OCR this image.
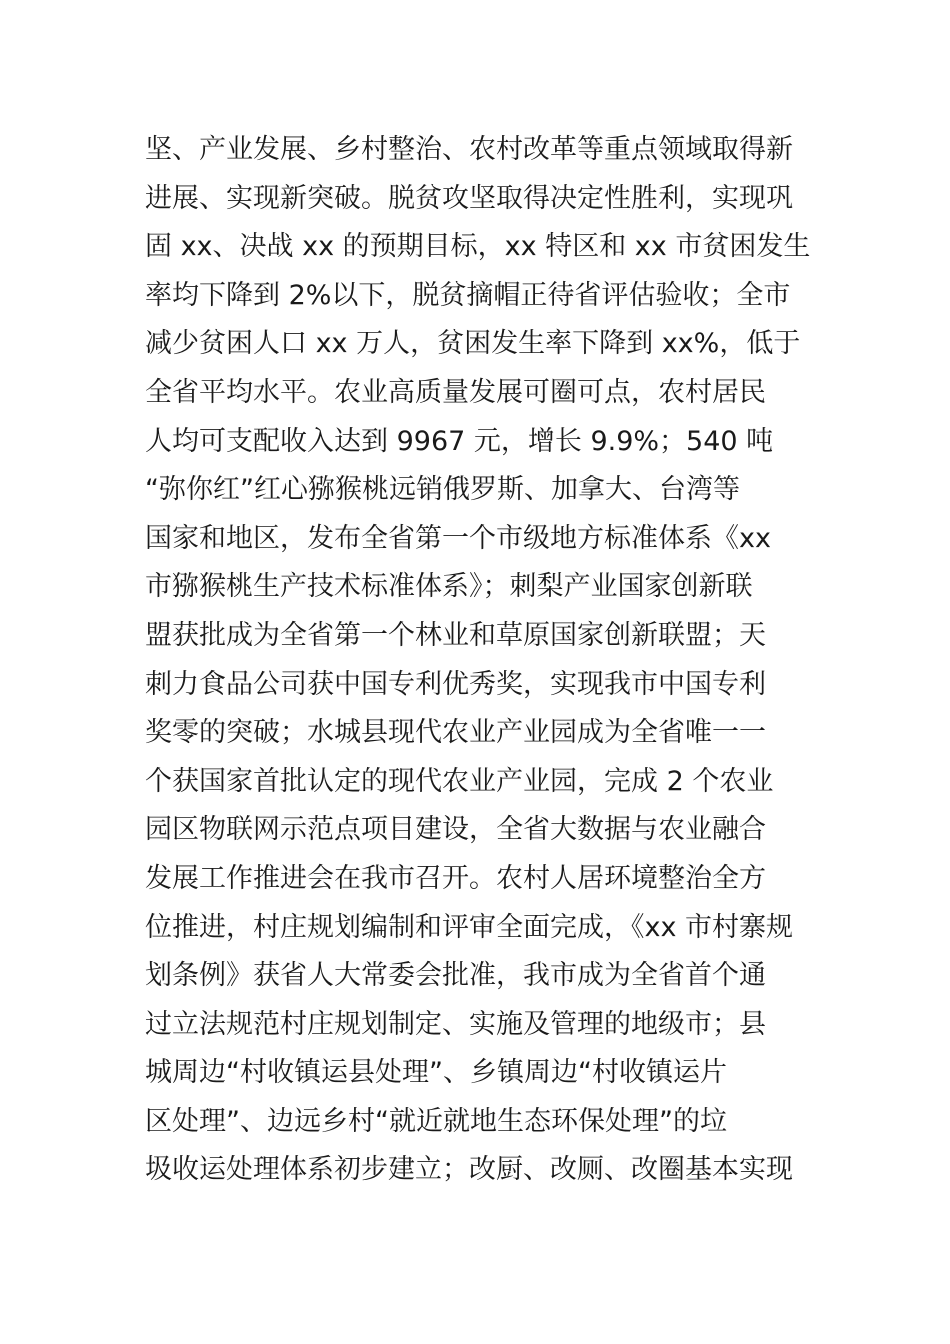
坚、产业发展、乡村整治、农村改革等重点领域取得新
进展、实现新突破。脱贫攻坚取得决定性胜利，实现巩
固 xx、决战 xx 的预期目标，xx 特区和 xx 市贫困发生
率均下降到 2%以下，脱贫摘帽正待省评估验收；全市
减少贫困人口 xx 万人，贫困发生率下降到 xx%，低于
全省平均水平。农业高质量发展可圈可点，农村居民
人均可支配收入达到 9967 元，增长 9.9%；540 吨
“弥你红”红心猕猴桃远销俄罗斯、加拿大、台湾等
国家和地区，发布全省第一个市级地方标准体系《xx
市猕猴桃生产技术标准体系》；刺梨产业国家创新联
盟获批成为全省第一个林业和草原国家创新联盟；天
刺力食品公司获中国专利优秀奖，实现我市中国专利
奖零的突破；水城县现代农业产业园成为全省唯一一
个获国家首批认定的现代农业产业园，完成 2 个农业
园区物联网示范点项目建设，全省大数据与农业融合
发展工作推进会在我市召开。农村人居环境整治全方
位推进，村庄规划编制和评审全面完成，《xx 市村寨规
划条例》获省人大常委会批准，我市成为全省首个通
过立法规范村庄规划制定、实施及管理的地级市；县
城周边“村收镇运县处理”、乡镇周边“村收镇运片
区处理”、边远乡村“就近就地生态环保处理”的垃
圾收运处理体系初步建立；改厨、改厕、改圈基本实现
